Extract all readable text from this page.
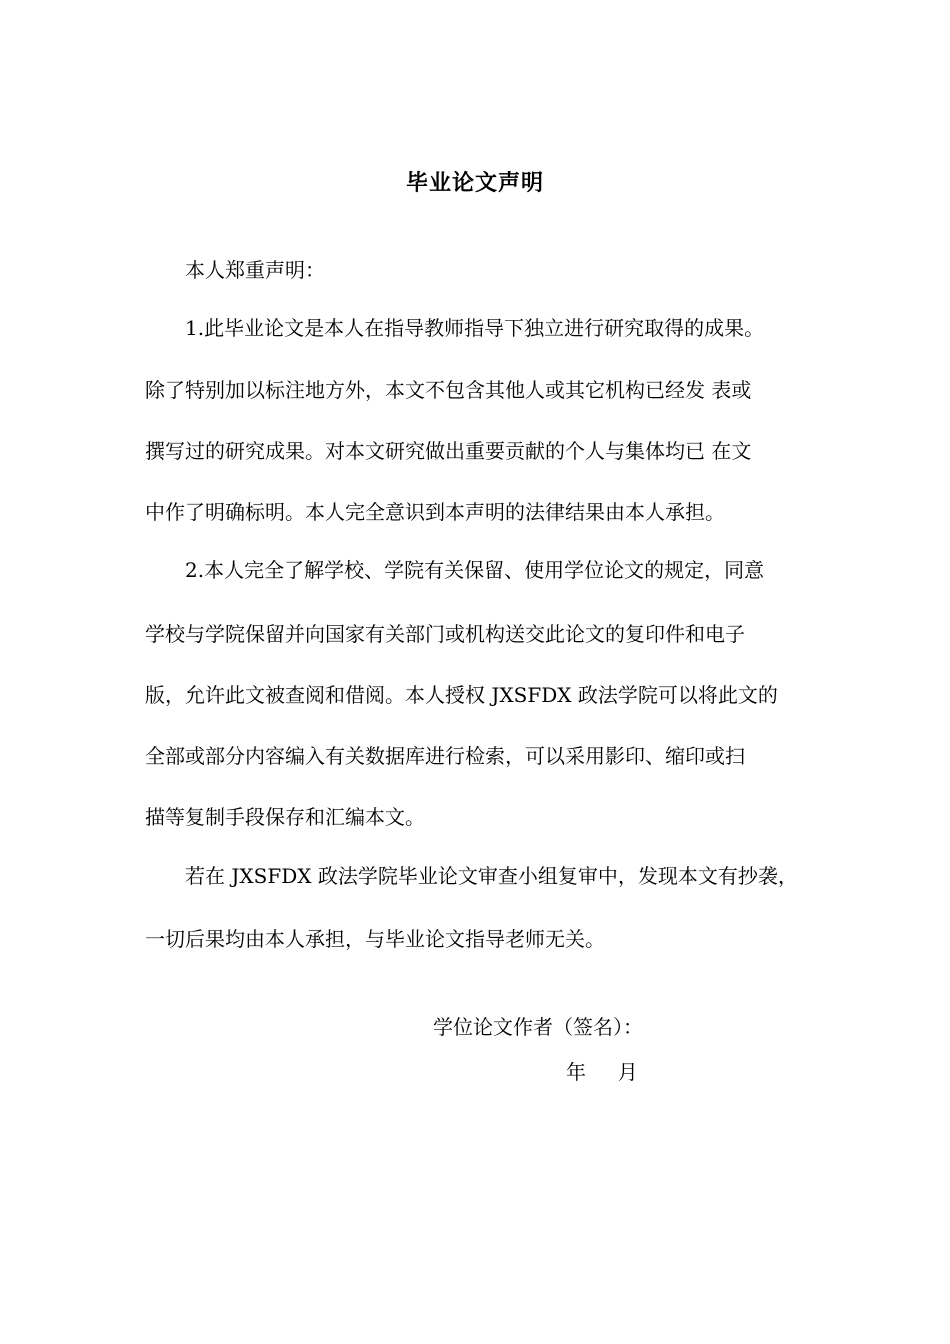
毕业论文声明
本人郑重声明：
1.此毕业论文是本人在指导教师指导下独立进行研究取得的成果。
除了特别加以标注地方外，本文不包含其他人或其它机构已经发 表或
撰写过的研究成果。对本文研究做出重要贡献的个人与集体均已 在文
中作了明确标明。本人完全意识到本声明的法律结果由本人承担。
2.本人完全了解学校、学院有关保留、使用学位论文的规定，同意
学校与学院保留并向国家有关部门或机构送交此论文的复印件和电子
版，允许此文被查阅和借阅。本人授权 JXSFDX 政法学院可以将此文的
全部或部分内容编入有关数据库进行检索，可以采用影印、缩印或扫
描等复制手段保存和汇编本文。
若在 JXSFDX 政法学院毕业论文审查小组复审中，发现本文有抄袭，
一切后果均由本人承担，与毕业论文指导老师无关。
学位论文作者（签名）：
年     月
